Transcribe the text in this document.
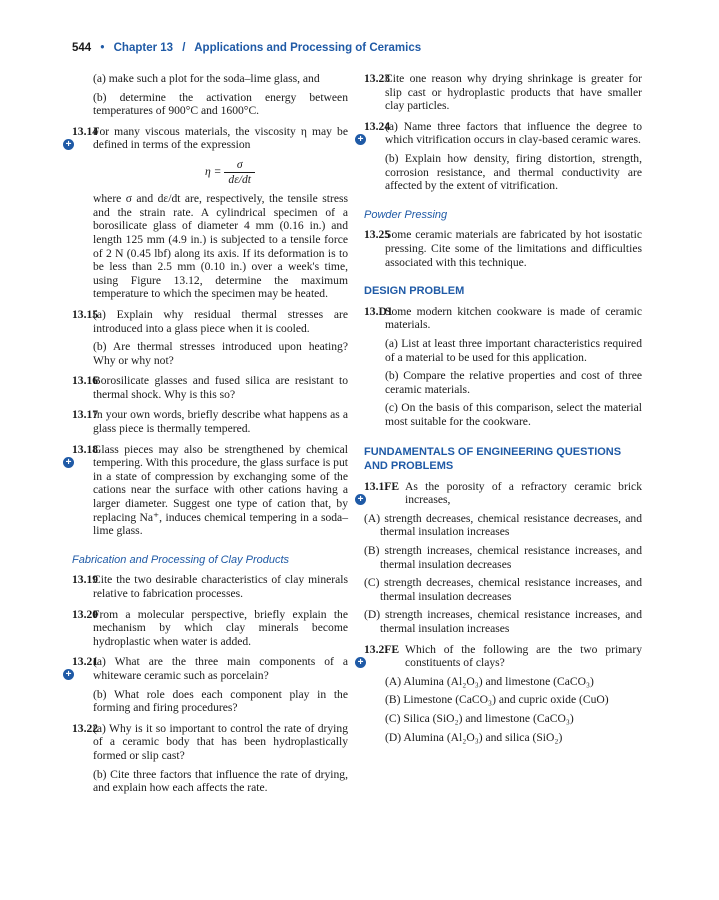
544 • Chapter 13 / Applications and Processing of Ceramics

(a) make such a plot for the soda–lime glass, and

(b) determine the activation energy between temperatures of 900°C and 1600°C.

13.14
+

For many viscous materials, the viscosity η may be defined in terms of the expression

$\eta = \frac{\sigma}{d\varepsilon/dt}$

where σ and dε/dt are, respectively, the tensile stress and the strain rate. A cylindrical specimen of a borosilicate glass of diameter 4 mm (0.16 in.) and length 125 mm (4.9 in.) is subjected to a tensile force of 2 N (0.45 lbf) along its axis. If its deformation is to be less than 2.5 mm (0.10 in.) over a week's time, using Figure 13.12, determine the maximum temperature to which the specimen may be heated.

13.15

(a) Explain why residual thermal stresses are introduced into a glass piece when it is cooled.

(b) Are thermal stresses introduced upon heating? Why or why not?

13.16

Borosilicate glasses and fused silica are resistant to thermal shock. Why is this so?

13.17

In your own words, briefly describe what happens as a glass piece is thermally tempered.

13.18
+

Glass pieces may also be strengthened by chemical tempering. With this procedure, the glass surface is put in a state of compression by exchanging some of the cations near the surface with other cations having a larger diameter. Suggest one type of cation that, by replacing Na⁺, induces chemical tempering in a soda–lime glass.

Fabrication and Processing of Clay Products
13.19

Cite the two desirable characteristics of clay minerals relative to fabrication processes.

13.20

From a molecular perspective, briefly explain the mechanism by which clay minerals become hydroplastic when water is added.

13.21
+

(a) What are the three main components of a whiteware ceramic such as porcelain?

(b) What role does each component play in the forming and firing procedures?

13.22

(a) Why is it so important to control the rate of drying of a ceramic body that has been hydroplastically formed or slip cast?

(b) Cite three factors that influence the rate of drying, and explain how each affects the rate.

13.23

Cite one reason why drying shrinkage is greater for slip cast or hydroplastic products that have smaller clay particles.

13.24
+

(a) Name three factors that influence the degree to which vitrification occurs in clay-based ceramic wares.

(b) Explain how density, firing distortion, strength, corrosion resistance, and thermal conductivity are affected by the extent of vitrification.

Powder Pressing
13.25

Some ceramic materials are fabricated by hot isostatic pressing. Cite some of the limitations and difficulties associated with this technique.

DESIGN PROBLEM
13.D1

Some modern kitchen cookware is made of ceramic materials.

(a) List at least three important characteristics required of a material to be used for this application.

(b) Compare the relative properties and cost of three ceramic materials.

(c) On the basis of this comparison, select the material most suitable for the cookware.

FUNDAMENTALS OF ENGINEERING QUESTIONS AND PROBLEMS
13.1FE
+

As the porosity of a refractory ceramic brick increases,

(A) strength decreases, chemical resistance decreases, and thermal insulation increases

(B) strength increases, chemical resistance increases, and thermal insulation decreases

(C) strength decreases, chemical resistance increases, and thermal insulation decreases

(D) strength increases, chemical resistance increases, and thermal insulation increases

13.2FE
+

Which of the following are the two primary constituents of clays?

(A) Alumina (Al₂O₃) and limestone (CaCO₃)

(B) Limestone (CaCO₃) and cupric oxide (CuO)

(C) Silica (SiO₂) and limestone (CaCO₃)

(D) Alumina (Al₂O₃) and silica (SiO₂)
